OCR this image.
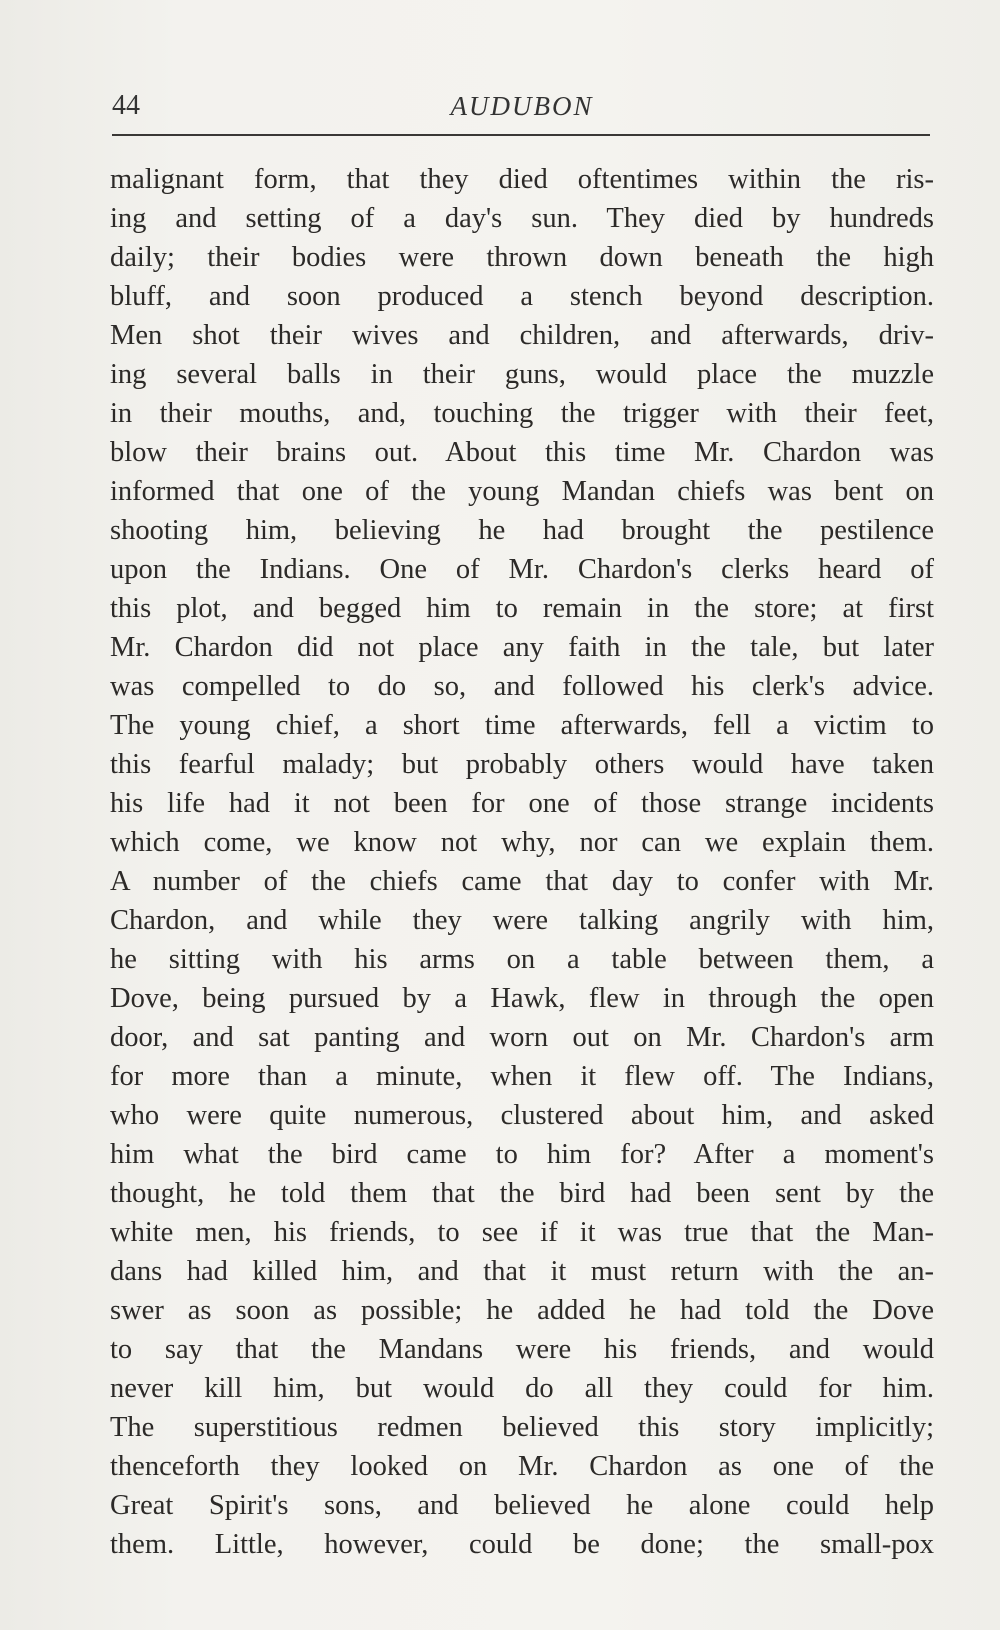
44	AUDUBON
malignant form, that they died oftentimes within the ris-
ing and setting of a day's sun. They died by hundreds
daily; their bodies were thrown down beneath the high
bluff, and soon produced a stench beyond description.
Men shot their wives and children, and afterwards, driv-
ing several balls in their guns, would place the muzzle
in their mouths, and, touching the trigger with their feet,
blow their brains out. About this time Mr. Chardon was
informed that one of the young Mandan chiefs was bent on
shooting him, believing he had brought the pestilence
upon the Indians. One of Mr. Chardon's clerks heard of
this plot, and begged him to remain in the store; at first
Mr. Chardon did not place any faith in the tale, but later
was compelled to do so, and followed his clerk's advice.
The young chief, a short time afterwards, fell a victim to
this fearful malady; but probably others would have taken
his life had it not been for one of those strange incidents
which come, we know not why, nor can we explain them.
A number of the chiefs came that day to confer with Mr.
Chardon, and while they were talking angrily with him,
he sitting with his arms on a table between them, a
Dove, being pursued by a Hawk, flew in through the open
door, and sat panting and worn out on Mr. Chardon's arm
for more than a minute, when it flew off. The Indians,
who were quite numerous, clustered about him, and asked
him what the bird came to him for? After a moment's
thought, he told them that the bird had been sent by the
white men, his friends, to see if it was true that the Man-
dans had killed him, and that it must return with the an-
swer as soon as possible; he added he had told the Dove
to say that the Mandans were his friends, and would
never kill him, but would do all they could for him.
The superstitious redmen believed this story implicitly;
thenceforth they looked on Mr. Chardon as one of the
Great Spirit's sons, and believed he alone could help
them. Little, however, could be done; the small-pox
